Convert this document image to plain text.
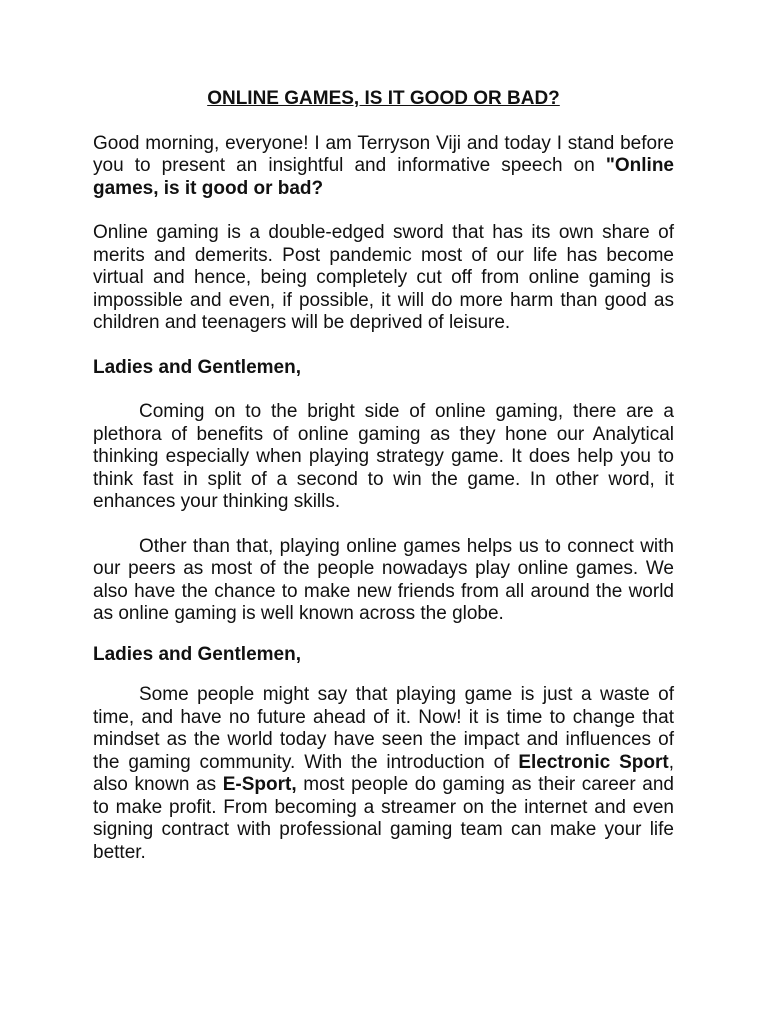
ONLINE GAMES, IS IT GOOD OR BAD?

Good morning, everyone! I am Terryson Viji and today I stand before you to present an insightful and informative speech on "Online games, is it good or bad?

Online gaming is a double-edged sword that has its own share of merits and demerits. Post pandemic most of our life has become virtual and hence, being completely cut off from online gaming is impossible and even, if possible, it will do more harm than good as children and teenagers will be deprived of leisure.

Ladies and Gentlemen,

Coming on to the bright side of online gaming, there are a plethora of benefits of online gaming as they hone our Analytical thinking especially when playing strategy game. It does help you to think fast in split of a second to win the game. In other word, it enhances your thinking skills.

Other than that, playing online games helps us to connect with our peers as most of the people nowadays play online games. We also have the chance to make new friends from all around the world as online gaming is well known across the globe.

Ladies and Gentlemen,

Some people might say that playing game is just a waste of time, and have no future ahead of it. Now! it is time to change that mindset as the world today have seen the impact and influences of the gaming community. With the introduction of Electronic Sport, also known as E-Sport, most people do gaming as their career and to make profit. From becoming a streamer on the internet and even signing contract with professional gaming team can make your life better.
